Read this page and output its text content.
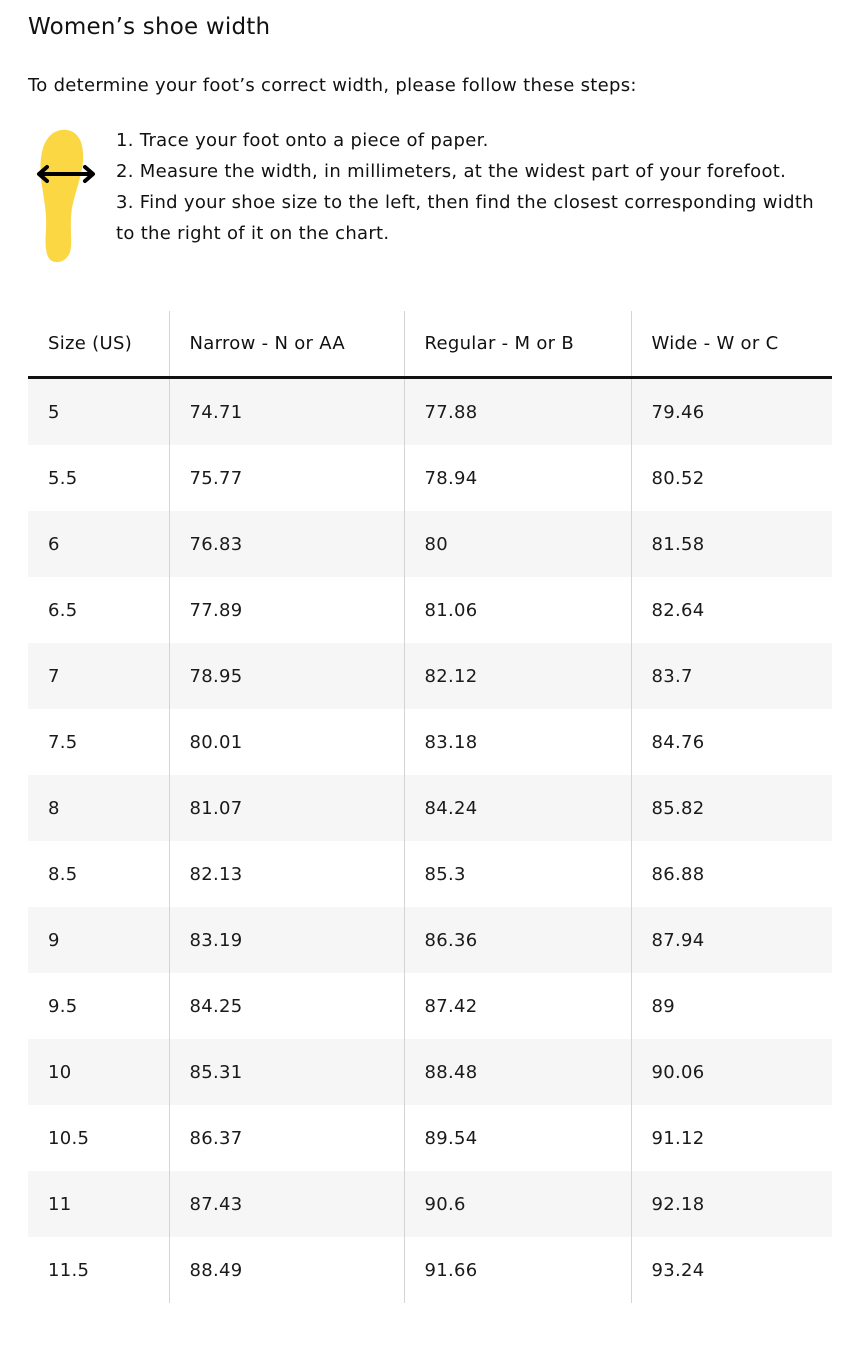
Women’s shoe width

To determine your foot’s correct width, please follow these steps:

1. Trace your foot onto a piece of paper.
2. Measure the width, in millimeters, at the widest part of your forefoot.
3. Find your shoe size to the left, then find the closest corresponding width to the right of it on the chart.
Size (US)	Narrow - N or AA	Regular - M or B	Wide - W or C
5	74.71	77.88	79.46
5.5	75.77	78.94	80.52
6	76.83	80	81.58
6.5	77.89	81.06	82.64
7	78.95	82.12	83.7
7.5	80.01	83.18	84.76
8	81.07	84.24	85.82
8.5	82.13	85.3	86.88
9	83.19	86.36	87.94
9.5	84.25	87.42	89
10	85.31	88.48	90.06
10.5	86.37	89.54	91.12
11	87.43	90.6	92.18
11.5	88.49	91.66	93.24
